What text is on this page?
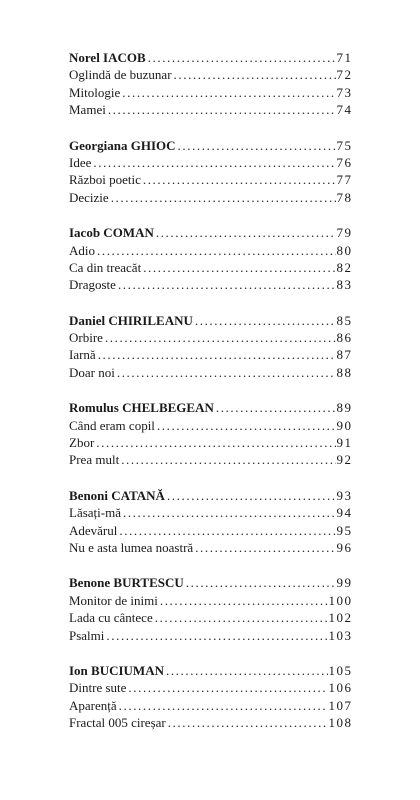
Norel IACOB .....	71
Oglindă de buzunar .....	72
Mitologie .....	73
Mamei .....	74
Georgiana GHIOC .....	75
Idee .....	76
Război poetic .....	77
Decizie .....	78
Iacob COMAN .....	79
Adio .....	80
Ca din treacăt .....	82
Dragoste .....	83
Daniel CHIRILEANU .....	85
Orbire .....	86
Iarnă .....	87
Doar noi .....	88
Romulus CHELBEGEAN .....	89
Când eram copil .....	90
Zbor .....	91
Prea mult .....	92
Benoni CATANĂ .....	93
Lăsați-mă .....	94
Adevărul .....	95
Nu e asta lumea noastră .....	96
Benone BURTESCU .....	99
Monitor de inimi .....	100
Lada cu cântece .....	102
Psalmi .....	103
Ion BUCIUMAN .....	105
Dintre sute .....	106
Aparență .....	107
Fractal 005 cireșar .....	108
